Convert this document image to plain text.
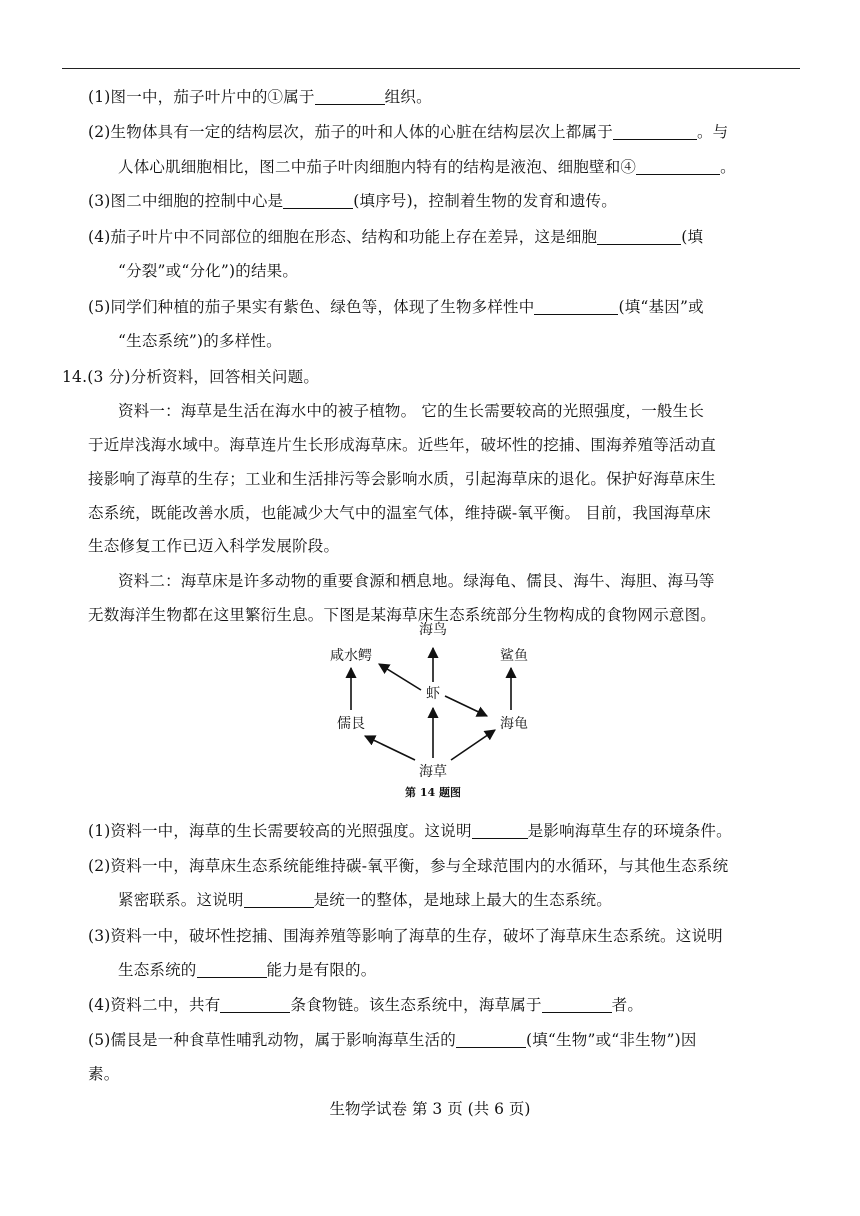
(1)图一中，茄子叶片中的①属于	组织。
(2)生物体具有一定的结构层次，茄子的叶和人体的心脏在结构层次上都属于	。与
人体心肌细胞相比，图二中茄子叶肉细胞内特有的结构是液泡、细胞壁和④	。
(3)图二中细胞的控制中心是	(填序号)，控制着生物的发育和遗传。
(4)茄子叶片中不同部位的细胞在形态、结构和功能上存在差异，这是细胞	(填
“分裂”或“分化”)的结果。
(5)同学们种植的茄子果实有紫色、绿色等，体现了生物多样性中	(填“基因”或
“生态系统”)的多样性。
14.(3 分)分析资料，回答相关问题。
资料一：海草是生活在海水中的被子植物。 它的生长需要较高的光照强度，一般生长
于近岸浅海水域中。海草连片生长形成海草床。近些年，破坏性的挖捕、围海养殖等活动直
接影响了海草的生存；工业和生活排污等会影响水质，引起海草床的退化。保护好海草床生
态系统，既能改善水质，也能减少大气中的温室气体，维持碳-氧平衡。 目前，我国海草床
生态修复工作已迈入科学发展阶段。
资料二：海草床是许多动物的重要食源和栖息地。绿海龟、儒艮、海牛、海胆、海马等
无数海洋生物都在这里繁衍生息。下图是某海草床生态系统部分生物构成的食物网示意图。
海鸟
咸水鳄	鲨鱼
虾
儒艮	海龟
海草
第 14 题图
(1)资料一中，海草的生长需要较高的光照强度。这说明	是影响海草生存的环境条件。
(2)资料一中，海草床生态系统能维持碳-氧平衡，参与全球范围内的水循环，与其他生态系统
紧密联系。这说明	是统一的整体，是地球上最大的生态系统。
(3)资料一中，破坏性挖捕、围海养殖等影响了海草的生存，破坏了海草床生态系统。这说明
生态系统的	能力是有限的。
(4)资料二中，共有	条食物链。该生态系统中，海草属于	者。
(5)儒艮是一种食草性哺乳动物，属于影响海草生活的	(填“生物”或“非生物”)因
素。
生物学试卷 第 3 页 (共 6 页)
